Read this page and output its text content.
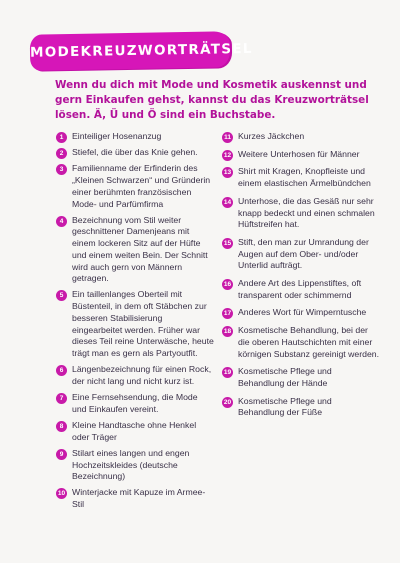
MODEKREUZWORTRÄTSEL
Wenn du dich mit Mode und Kosmetik auskennst und gern Einkaufen gehst, kannst du das Kreuzworträtsel lösen. Ä, Ü und Ö sind ein Buchstabe.
1 Einteiliger Hosenanzug
2 Stiefel, die über das Knie gehen.
3 Familienname der Erfinderin des „Kleinen Schwarzen“ und Gründerin einer berühmten französischen Mode- und Parfümfirma
4 Bezeichnung vom Stil weiter geschnittener Damenjeans mit einem lockeren Sitz auf der Hüfte und einem weiten Bein. Der Schnitt wird auch gern von Männern getragen.
5 Ein taillenlanges Oberteil mit Büstenteil, in dem oft Stäbchen zur besseren Stabilisierung eingearbeitet werden. Früher war dieses Teil reine Unterwäsche, heute trägt man es gern als Partyoutfit.
6 Längenbezeichnung für einen Rock, der nicht lang und nicht kurz ist.
7 Eine Fernsehsendung, die Mode und Einkaufen vereint.
8 Kleine Handtasche ohne Henkel oder Träger
9 Stilart eines langen und engen Hochzeitskleides (deutsche Bezeichnung)
10 Winterjacke mit Kapuze im Armee-Stil
11 Kurzes Jäckchen
12 Weitere Unterhosen für Männer
13 Shirt mit Kragen, Knopfleiste und einem elastischen Ärmelbündchen
14 Unterhose, die das Gesäß nur sehr knapp bedeckt und einen schmalen Hüftstreifen hat.
15 Stift, den man zur Umrandung der Augen auf dem Ober- und/oder Unterlid aufträgt.
16 Andere Art des Lippenstiftes, oft transparent oder schimmernd
17 Anderes Wort für Wimperntusche
18 Kosmetische Behandlung, bei der die oberen Hautschichten mit einer körnigen Substanz gereinigt werden.
19 Kosmetische Pflege und Behandlung der Hände
20 Kosmetische Pflege und Behandlung der Füße
